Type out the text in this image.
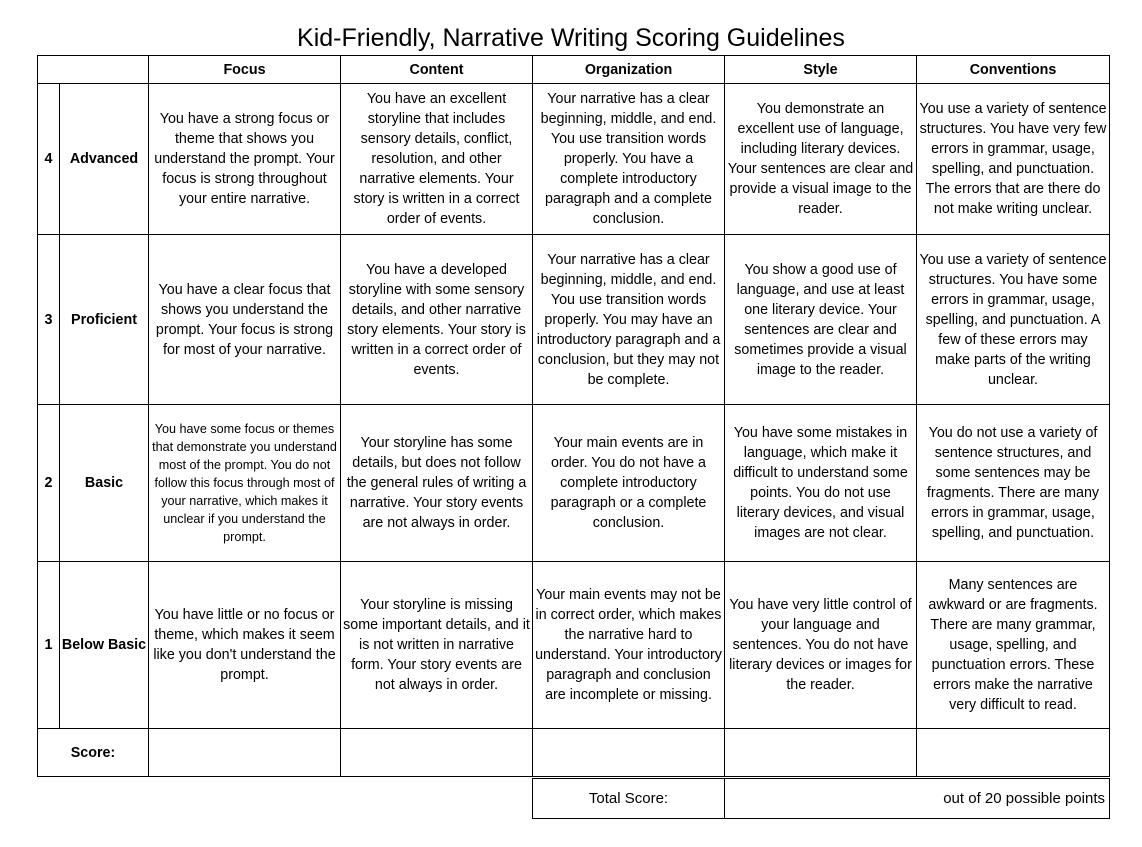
Kid-Friendly, Narrative Writing Scoring Guidelines
		Focus	Content	Organization	Style	Conventions
4	Advanced	You have a strong focus or theme that shows you understand the prompt. Your focus is strong throughout your entire narrative.	You have an excellent storyline that includes sensory details, conflict, resolution, and other narrative elements. Your story is written in a correct order of events.	Your narrative has a clear beginning, middle, and end. You use transition words properly. You have a complete introductory paragraph and a complete conclusion.	You demonstrate an excellent use of language, including literary devices. Your sentences are clear and provide a visual image to the reader.	You use a variety of sentence structures. You have very few errors in grammar, usage, spelling, and punctuation. The errors that are there do not make writing unclear.
3	Proficient	You have a clear focus that shows you understand the prompt. Your focus is strong for most of your narrative.	You have a developed storyline with some sensory details, and other narrative story elements. Your story is written in a correct order of events.	Your narrative has a clear beginning, middle, and end. You use transition words properly. You may have an introductory paragraph and a conclusion, but they may not be complete.	You show a good use of language, and use at least one literary device. Your sentences are clear and sometimes provide a visual image to the reader.	You use a variety of sentence structures. You have some errors in grammar, usage, spelling, and punctuation. A few of these errors may make parts of the writing unclear.
2	Basic	You have some focus or themes that demonstrate you understand most of the prompt. You do not follow this focus through most of your narrative, which makes it unclear if you understand the prompt.	Your storyline has some details, but does not follow the general rules of writing a narrative. Your story events are not always in order.	Your main events are in order. You do not have a complete introductory paragraph or a complete conclusion.	You have some mistakes in language, which make it difficult to understand some points. You do not use literary devices, and visual images are not clear.	You do not use a variety of sentence structures, and some sentences may be fragments. There are many errors in grammar, usage, spelling, and punctuation.
1	Below Basic	You have little or no focus or theme, which makes it seem like you don't understand the prompt.	Your storyline is missing some important details, and it is not written in narrative form. Your story events are not always in order.	Your main events may not be in correct order, which makes the narrative hard to understand. Your introductory paragraph and conclusion are incomplete or missing.	You have very little control of your language and sentences. You do not have literary devices or images for the reader.	Many sentences are awkward or are fragments. There are many grammar, usage, spelling, and punctuation errors. These errors make the narrative very difficult to read.
Score:						
Total Score:	out of 20 possible points
